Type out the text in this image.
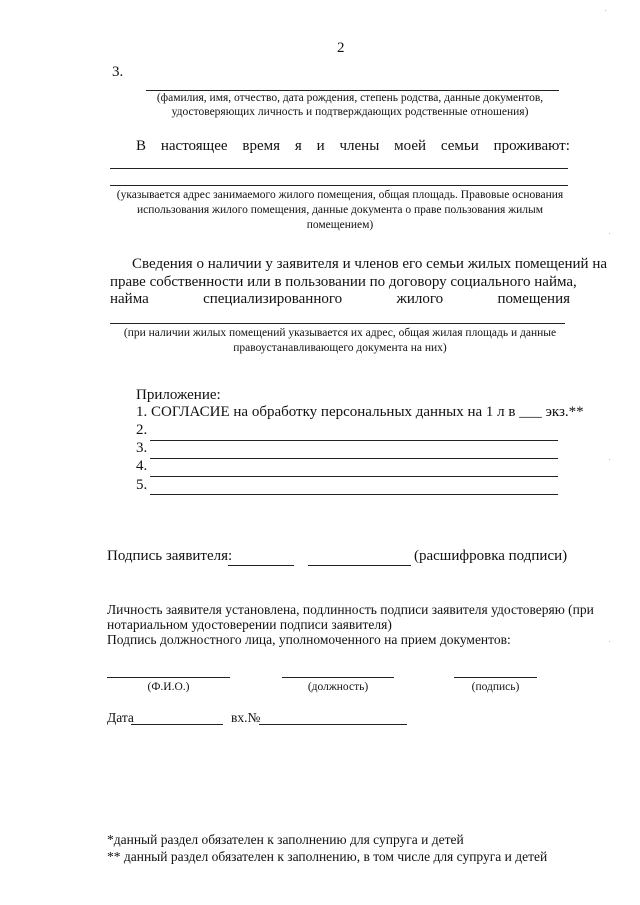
2
3.
(фамилия, имя, отчество, дата рождения, степень родства, данные документов,
удостоверяющих личность и подтверждающих родственные отношения)
В настоящее время я и члены моей семьи проживают:
(указывается адрес занимаемого жилого помещения, общая площадь. Правовые основания
использования жилого помещения, данные документа о праве пользования жилым
помещением)
Сведения о наличии у заявителя и членов его семьи жилых помещений на
праве собственности или в пользовании по договору социального найма,
найма	специализированного	жилого	помещения
(при наличии жилых помещений указывается их адрес, общая жилая площадь и данные
правоустанавливающего документа на них)
Приложение:
1. СОГЛАСИЕ на обработку персональных данных на 1 л в ___ экз.**
2.
3.
4.
5.
Подпись заявителя:	(расшифровка подписи)
Личность заявителя установлена, подлинность подписи заявителя удостоверяю (при
нотариальном удостоверении подписи заявителя)
Подпись должностного лица, уполномоченного на прием документов:
(Ф.И.О.)	(должность)	(подпись)
Дата	вх.№
*данный раздел обязателен к заполнению для супруга и детей
** данный раздел обязателен к заполнению, в том числе для супруга и детей
